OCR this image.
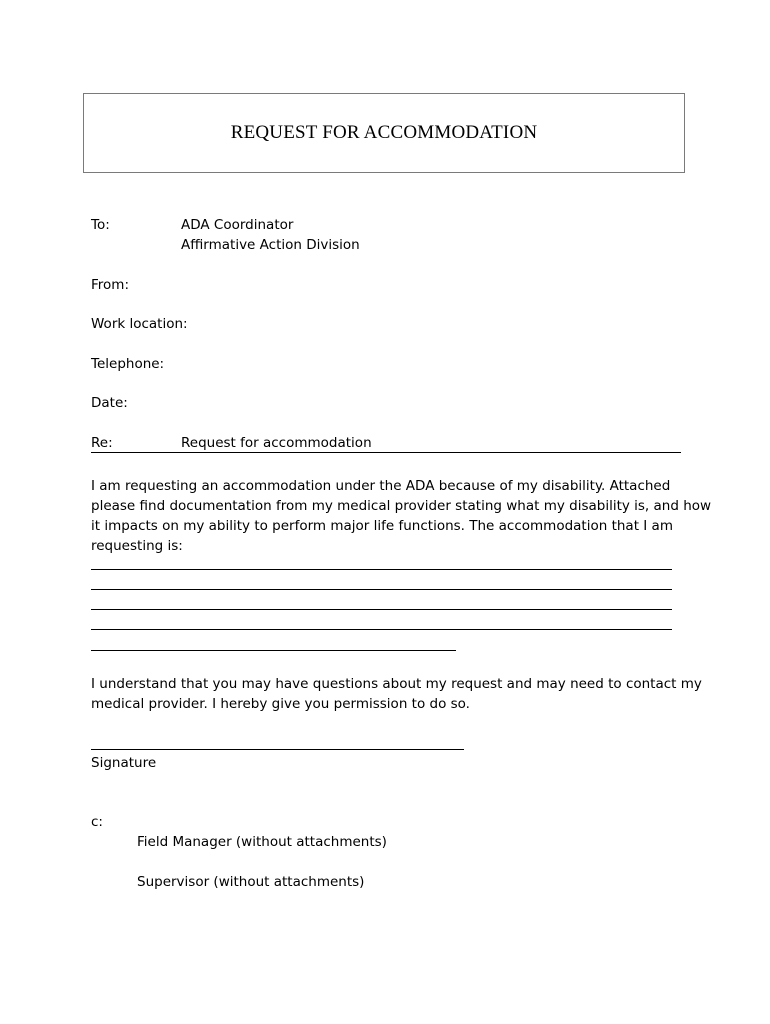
REQUEST FOR ACCOMMODATION
To:	ADA Coordinator
Affirmative Action Division
From:
Work location:
Telephone:
Date:
Re:	Request for accommodation
I am requesting an accommodation under the ADA because of my disability. Attached
please find documentation from my medical provider stating what my disability is, and how
it impacts on my ability to perform major life functions. The accommodation that I am
requesting is:
I understand that you may have questions about my request and may need to contact my
medical provider. I hereby give you permission to do so.
Signature
c:
Field Manager (without attachments)
Supervisor (without attachments)
